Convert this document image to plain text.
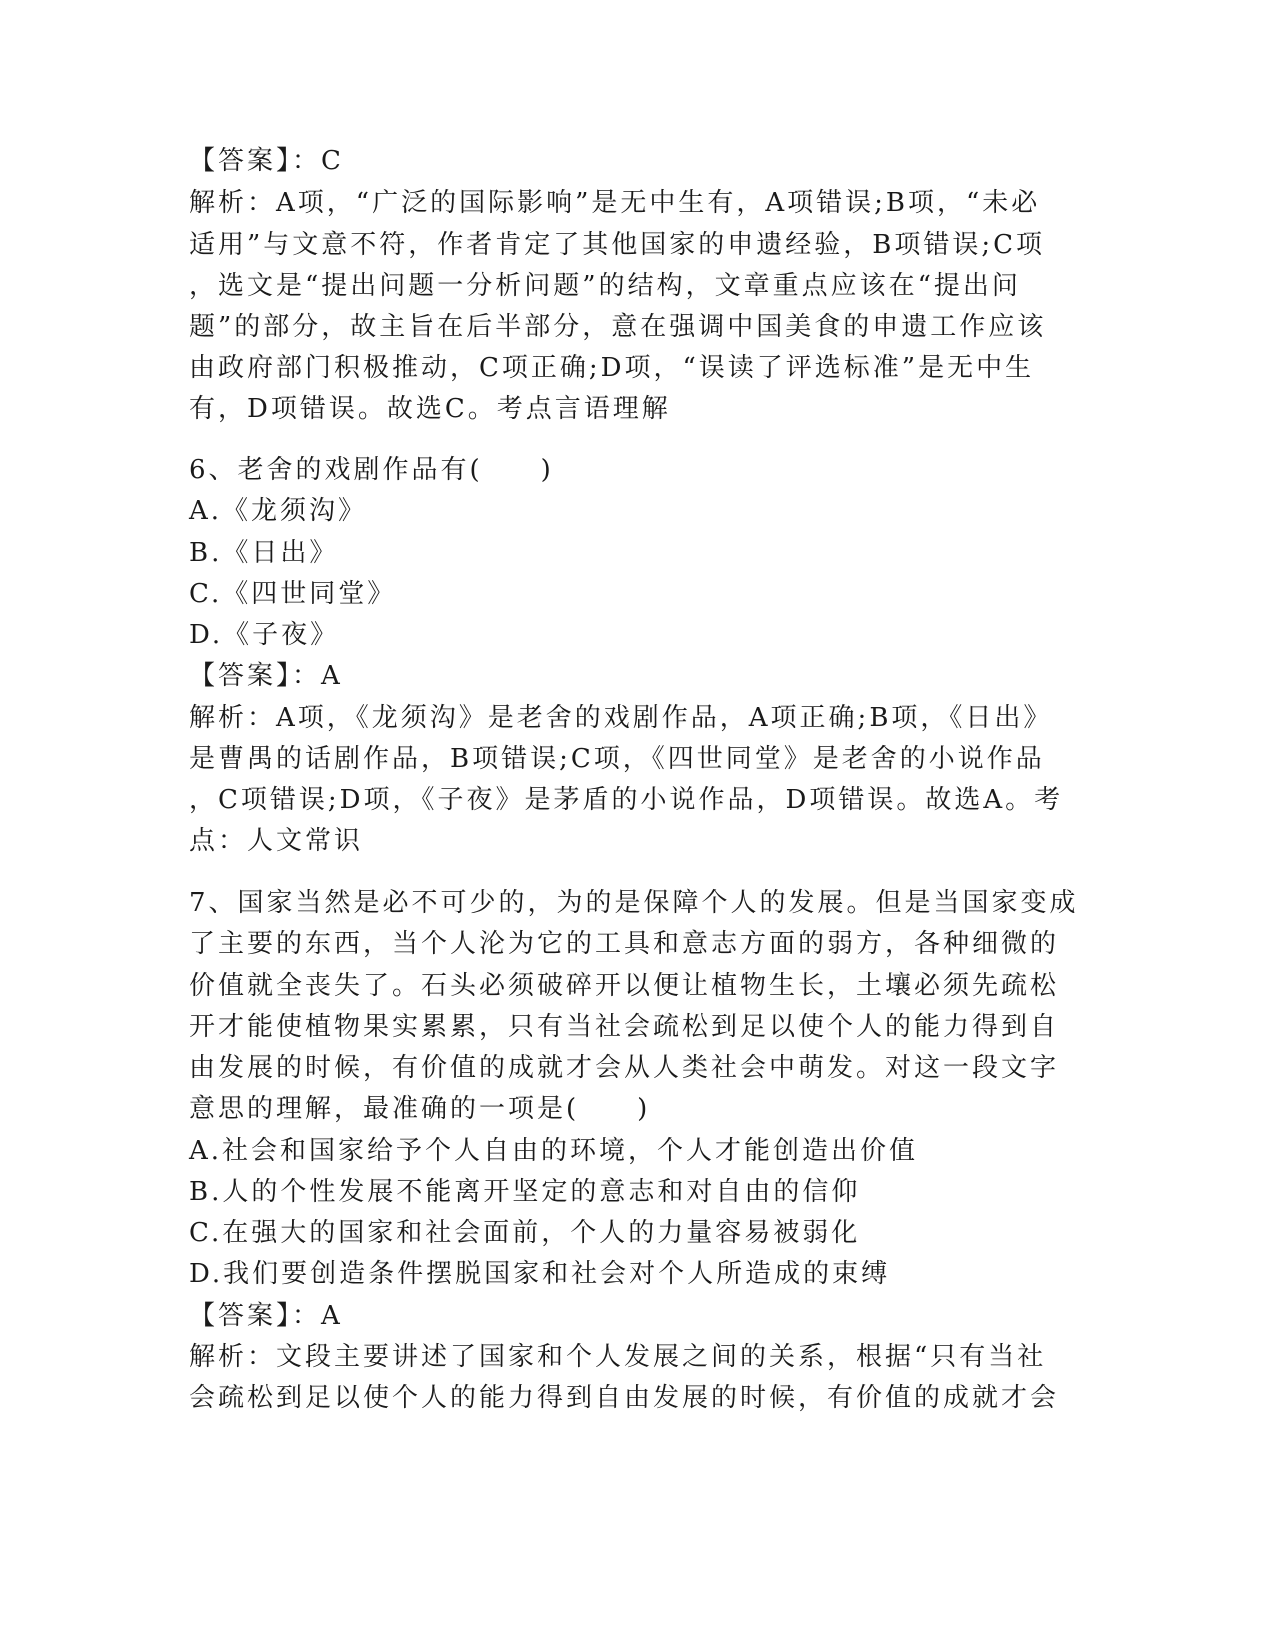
【答案】：C
解析：A项，“广泛的国际影响”是无中生有，A项错误;B项，“未必
适用”与文意不符，作者肯定了其他国家的申遗经验，B项错误;C项
，选文是“提出问题一分析问题”的结构，文章重点应该在“提出问
题”的部分，故主旨在后半部分，意在强调中国美食的申遗工作应该
由政府部门积极推动，C项正确;D项，“误读了评选标准”是无中生
有，D项错误。故选C。考点言语理解
6、老舍的戏剧作品有(　　)
A.《龙须沟》
B.《日出》
C.《四世同堂》
D.《子夜》
【答案】：A
解析：A项，《龙须沟》是老舍的戏剧作品，A项正确;B项，《日出》
是曹禺的话剧作品，B项错误;C项，《四世同堂》是老舍的小说作品
，C项错误;D项，《子夜》是茅盾的小说作品，D项错误。故选A。考
点：人文常识
7、国家当然是必不可少的，为的是保障个人的发展。但是当国家变成
了主要的东西，当个人沦为它的工具和意志方面的弱方，各种细微的
价值就全丧失了。石头必须破碎开以便让植物生长，土壤必须先疏松
开才能使植物果实累累，只有当社会疏松到足以使个人的能力得到自
由发展的时候，有价值的成就才会从人类社会中萌发。对这一段文字
意思的理解，最准确的一项是(　　)
A.社会和国家给予个人自由的环境，个人才能创造出价值
B.人的个性发展不能离开坚定的意志和对自由的信仰
C.在强大的国家和社会面前，个人的力量容易被弱化
D.我们要创造条件摆脱国家和社会对个人所造成的束缚
【答案】：A
解析：文段主要讲述了国家和个人发展之间的关系，根据“只有当社
会疏松到足以使个人的能力得到自由发展的时候，有价值的成就才会
